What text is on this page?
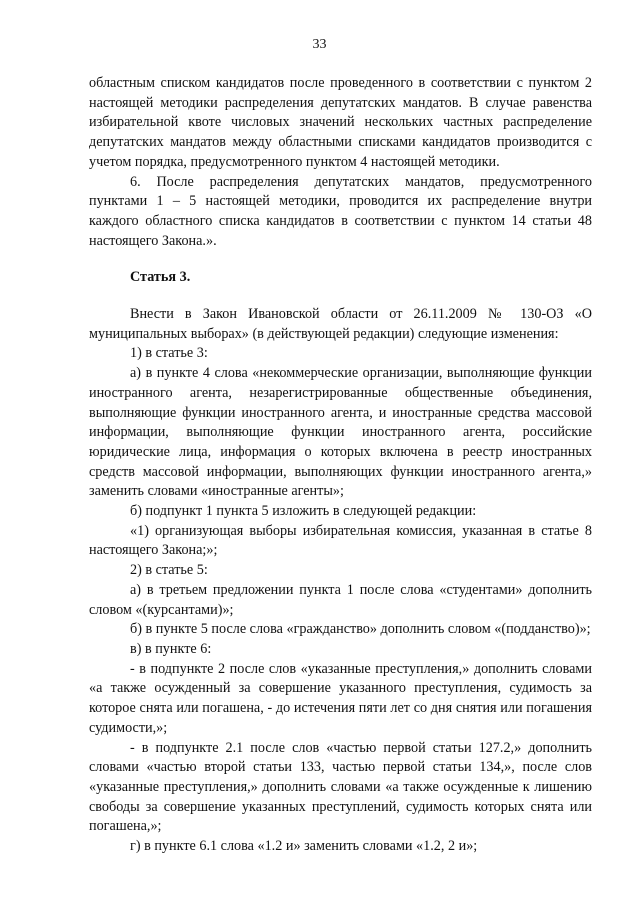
33

областным списком кандидатов после проведенного в соответствии с пунктом 2 настоящей методики распределения депутатских мандатов. В случае равенства избирательной квоте числовых значений нескольких частных распределение депутатских мандатов между областными списками кандидатов производится с учетом порядка, предусмотренного пунктом 4 настоящей методики.

6. После распределения депутатских мандатов, предусмотренного пунктами 1 – 5 настоящей методики, проводится их распределение внутри каждого областного списка кандидатов в соответствии с пунктом 14 статьи 48 настоящего Закона.».

Статья 3.

Внести в Закон Ивановской области от 26.11.2009 № 130-ОЗ «О муниципальных выборах» (в действующей редакции) следующие изменения:

1) в статье 3:

а) в пункте 4 слова «некоммерческие организации, выполняющие функции иностранного агента, незарегистрированные общественные объединения, выполняющие функции иностранного агента, и иностранные средства массовой информации, выполняющие функции иностранного агента, российские юридические лица, информация о которых включена в реестр иностранных средств массовой информации, выполняющих функции иностранного агента,» заменить словами «иностранные агенты»;

б) подпункт 1 пункта 5 изложить в следующей редакции:

«1) организующая выборы избирательная комиссия, указанная в статье 8 настоящего Закона;»;

2) в статье 5:

а) в третьем предложении пункта 1 после слова «студентами» дополнить словом «(курсантами)»;

б) в пункте 5 после слова «гражданство» дополнить словом «(подданство)»;

в) в пункте 6:

- в подпункте 2 после слов «указанные преступления,» дополнить словами «а также осужденный за совершение указанного преступления, судимость за которое снята или погашена, - до истечения пяти лет со дня снятия или погашения судимости,»;

- в подпункте 2.1 после слов «частью первой статьи 127.2,» дополнить словами «частью второй статьи 133, частью первой статьи 134,», после слов «указанные преступления,» дополнить словами «а также осужденные к лишению свободы за совершение указанных преступлений, судимость которых снята или погашена,»;

г) в пункте 6.1 слова «1.2 и» заменить словами «1.2, 2 и»;
